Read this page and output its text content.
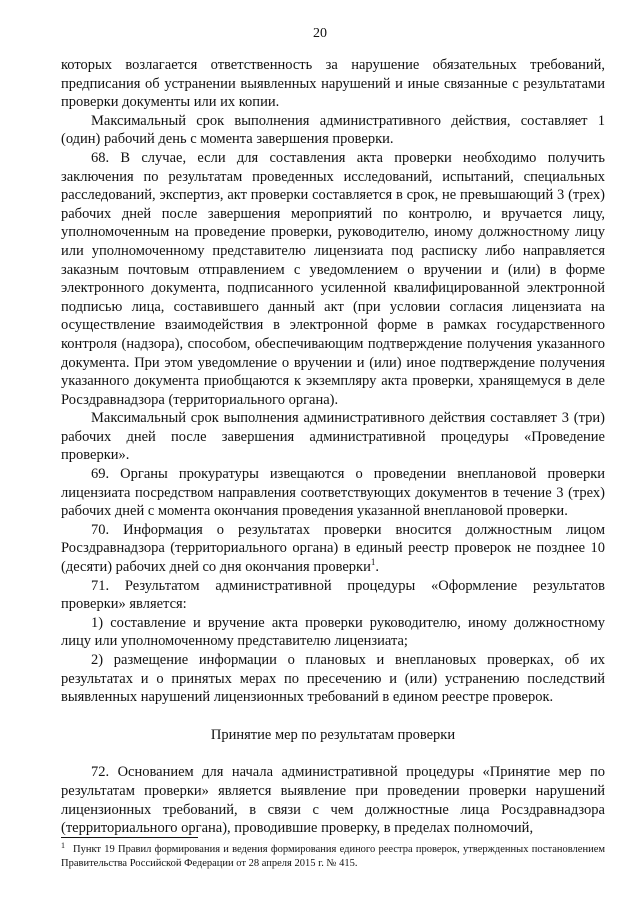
20

которых возлагается ответственность за нарушение обязательных требований, предписания об устранении выявленных нарушений и иные связанные с результатами проверки документы или их копии.

Максимальный срок выполнения административного действия, составляет 1 (один) рабочий день с момента завершения проверки.

68. В случае, если для составления акта проверки необходимо получить заключения по результатам проведенных исследований, испытаний, специальных расследований, экспертиз, акт проверки составляется в срок, не превышающий 3 (трех) рабочих дней после завершения мероприятий по контролю, и вручается лицу, уполномоченным на проведение проверки, руководителю, иному должностному лицу или уполномоченному представителю лицензиата под расписку либо направляется заказным почтовым отправлением с уведомлением о вручении и (или) в форме электронного документа, подписанного усиленной квалифицированной электронной подписью лица, составившего данный акт (при условии согласия лицензиата на осуществление взаимодействия в электронной форме в рамках государственного контроля (надзора), способом, обеспечивающим подтверждение получения указанного документа. При этом уведомление о вручении и (или) иное подтверждение получения указанного документа приобщаются к экземпляру акта проверки, хранящемуся в деле Росздравнадзора (территориального органа).

Максимальный срок выполнения административного действия составляет 3 (три) рабочих дней после завершения административной процедуры «Проведение проверки».

69. Органы прокуратуры извещаются о проведении внеплановой проверки лицензиата посредством направления соответствующих документов в течение 3 (трех) рабочих дней с момента окончания проведения указанной внеплановой проверки.

70. Информация о результатах проверки вносится должностным лицом Росздравнадзора (территориального органа) в единый реестр проверок не позднее 10 (десяти) рабочих дней со дня окончания проверки$^1$.

71. Результатом административной процедуры «Оформление результатов проверки» является:

1) составление и вручение акта проверки руководителю, иному должностному лицу или уполномоченному представителю лицензиата;

2) размещение информации о плановых и внеплановых проверках, об их результатах и о принятых мерах по пресечению и (или) устранению последствий выявленных нарушений лицензионных требований в едином реестре проверок.

Принятие мер по результатам проверки

72. Основанием для начала административной процедуры «Принятие мер по результатам проверки» является выявление при проведении проверки нарушений лицензионных требований, в связи с чем должностные лица Росздравнадзора (территориального органа), проводившие проверку, в пределах полномочий,

$^1$ Пункт 19 Правил формирования и ведения формирования единого реестра проверок, утвержденных постановлением Правительства Российской Федерации от 28 апреля 2015 г. № 415.
